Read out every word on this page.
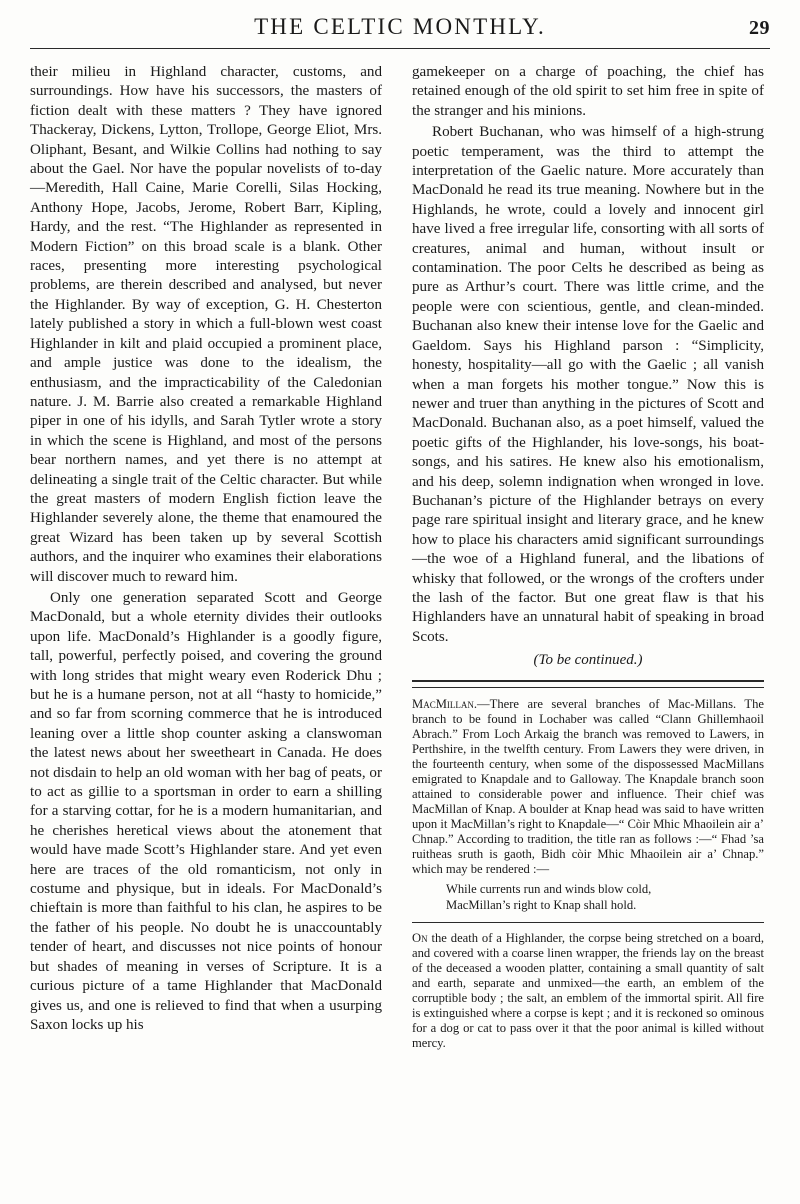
THE CELTIC MONTHLY.	29

their milieu in Highland character, customs, and surroundings. How have his successors, the masters of fiction dealt with these matters ? They have ignored Thackeray, Dickens, Lytton, Trollope, George Eliot, Mrs. Oliphant, Besant, and Wilkie Collins had nothing to say about the Gael. Nor have the popular novelists of to-day—Meredith, Hall Caine, Marie Corelli, Silas Hocking, Anthony Hope, Jacobs, Jerome, Robert Barr, Kipling, Hardy, and the rest. “The Highlander as represented in Modern Fiction” on this broad scale is a blank. Other races, presenting more interesting psychological problems, are therein described and analysed, but never the Highlander. By way of exception, G. H. Chesterton lately published a story in which a full-blown west coast Highlander in kilt and plaid occupied a prominent place, and ample justice was done to the idealism, the enthusiasm, and the impracticability of the Caledonian nature. J. M. Barrie also created a remarkable Highland piper in one of his idylls, and Sarah Tytler wrote a story in which the scene is Highland, and most of the persons bear northern names, and yet there is no attempt at delineating a single trait of the Celtic character. But while the great masters of modern English fiction leave the Highlander severely alone, the theme that enamoured the great Wizard has been taken up by several Scottish authors, and the inquirer who examines their elaborations will discover much to reward him.

Only one generation separated Scott and George MacDonald, but a whole eternity divides their outlooks upon life. MacDonald’s Highlander is a goodly figure, tall, powerful, perfectly poised, and covering the ground with long strides that might weary even Roderick Dhu ; but he is a humane person, not at all “hasty to homicide,” and so far from scorning commerce that he is introduced leaning over a little shop counter asking a clanswoman the latest news about her sweetheart in Canada. He does not disdain to help an old woman with her bag of peats, or to act as gillie to a sportsman in order to earn a shilling for a starving cottar, for he is a modern humanitarian, and he cherishes heretical views about the atonement that would have made Scott’s Highlander stare. And yet even here are traces of the old romanticism, not only in costume and physique, but in ideals. For MacDonald’s chieftain is more than faithful to his clan, he aspires to be the father of his people. No doubt he is unaccountably tender of heart, and discusses not nice points of honour but shades of meaning in verses of Scripture. It is a curious picture of a tame Highlander that MacDonald gives us, and one is relieved to find that when a usurping Saxon locks up his

gamekeeper on a charge of poaching, the chief has retained enough of the old spirit to set him free in spite of the stranger and his minions.

Robert Buchanan, who was himself of a high-strung poetic temperament, was the third to attempt the interpretation of the Gaelic nature. More accurately than MacDonald he read its true meaning. Nowhere but in the Highlands, he wrote, could a lovely and innocent girl have lived a free irregular life, consorting with all sorts of creatures, animal and human, without insult or contamination. The poor Celts he described as being as pure as Arthur’s court. There was little crime, and the people were con scientious, gentle, and clean-minded. Buchanan also knew their intense love for the Gaelic and Gaeldom. Says his Highland parson : “Simplicity, honesty, hospitality—all go with the Gaelic ; all vanish when a man forgets his mother tongue.” Now this is newer and truer than anything in the pictures of Scott and MacDonald. Buchanan also, as a poet himself, valued the poetic gifts of the Highlander, his love-songs, his boat-songs, and his satires. He knew also his emotionalism, and his deep, solemn indignation when wronged in love. Buchanan’s picture of the Highlander betrays on every page rare spiritual insight and literary grace, and he knew how to place his characters amid significant surroundings—the woe of a Highland funeral, and the libations of whisky that followed, or the wrongs of the crofters under the lash of the factor. But one great flaw is that his Highlanders have an unnatural habit of speaking in broad Scots.

(To be continued.)

MacMillan.—There are several branches of Mac-Millans. The branch to be found in Lochaber was called “Clann Ghillemhaoil Abrach.” From Loch Arkaig the branch was removed to Lawers, in Perthshire, in the twelfth century. From Lawers they were driven, in the fourteenth century, when some of the dispossessed MacMillans emigrated to Knapdale and to Galloway. The Knapdale branch soon attained to considerable power and influence. Their chief was MacMillan of Knap. A boulder at Knap head was said to have written upon it MacMillan’s right to Knapdale—“ Còir Mhic Mhaoilein air a’ Chnap.” According to tradition, the title ran as follows :—“ Fhad ’sa ruitheas sruth is gaoth, Bidh còir Mhic Mhaoilein air a’ Chnap.” which may be rendered :—

While currents run and winds blow cold,
MacMillan’s right to Knap shall hold.

On the death of a Highlander, the corpse being stretched on a board, and covered with a coarse linen wrapper, the friends lay on the breast of the deceased a wooden platter, containing a small quantity of salt and earth, separate and unmixed—the earth, an emblem of the corruptible body ; the salt, an emblem of the immortal spirit. All fire is extinguished where a corpse is kept ; and it is reckoned so ominous for a dog or cat to pass over it that the poor animal is killed without mercy.
